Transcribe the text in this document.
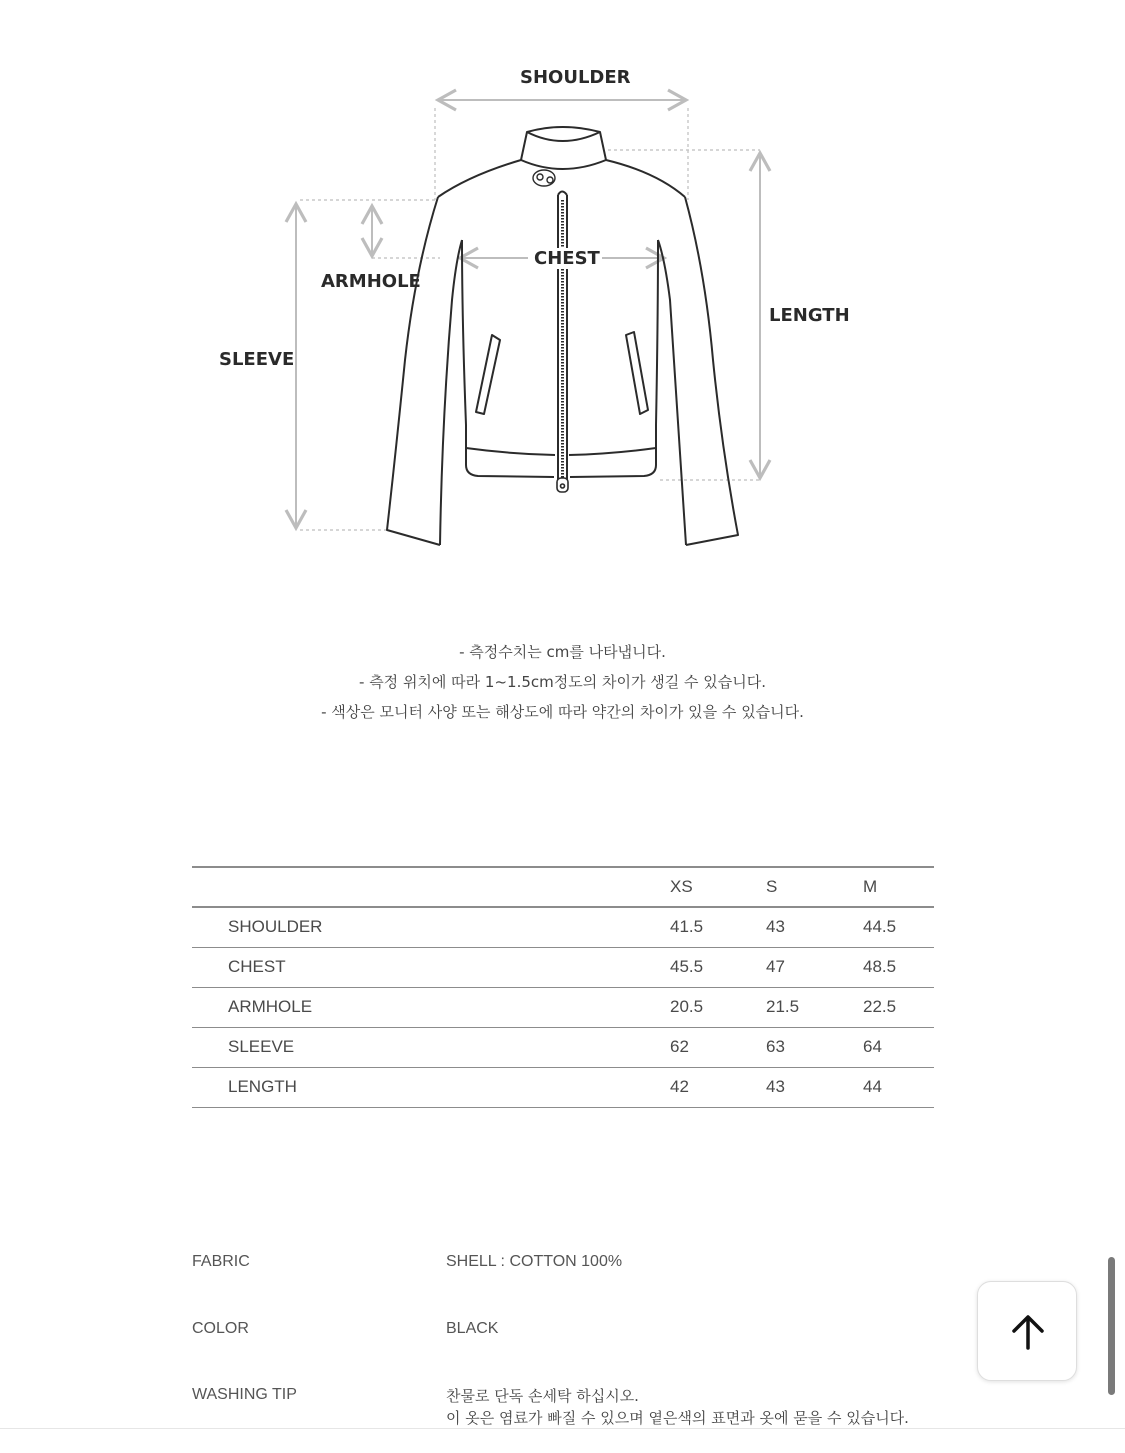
SHOULDER
CHEST
ARMHOLE
SLEEVE
LENGTH
- 측정수치는 cm를 나타냅니다.
- 측정 위치에 따라 1~1.5cm정도의 차이가 생길 수 있습니다.
- 색상은 모니터 사양 또는 해상도에 따라 약간의 차이가 있을 수 있습니다.
	XS	S	M
SHOULDER	41.5	43	44.5
CHEST	45.5	47	48.5
ARMHOLE	20.5	21.5	22.5
SLEEVE	62	63	64
LENGTH	42	43	44
FABRIC	SHELL : COTTON 100%
COLOR	BLACK
WASHING TIP	찬물로 단독 손세탁 하십시오.
이 옷은 염료가 빠질 수 있으며 옅은색의 표면과 옷에 묻을 수 있습니다.
